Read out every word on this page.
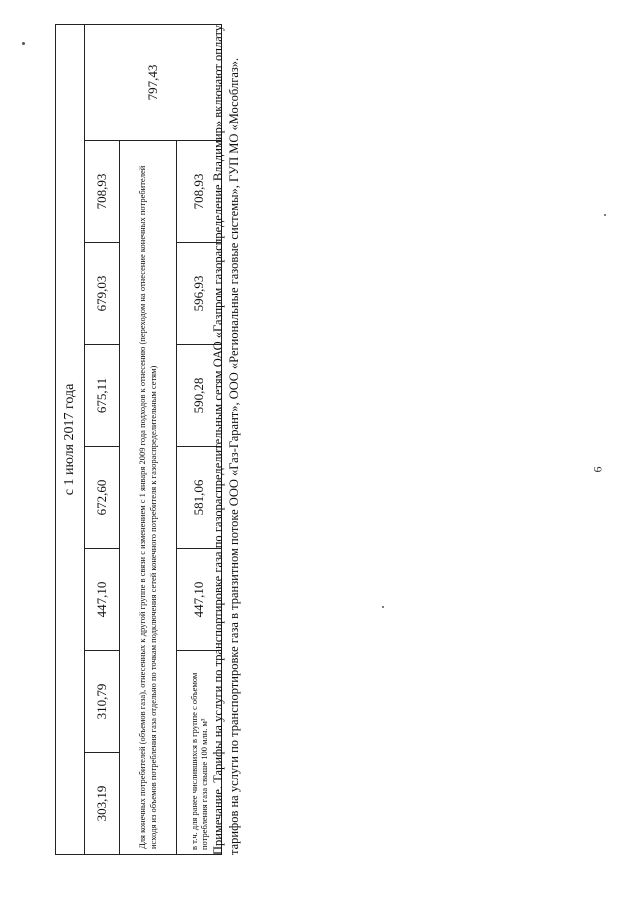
с 1 июля 2017 года							
303,19	310,79	447,10	672,60	675,11	679,03	708,93	797,43
Для конечных потребителей (объемов газа), отнесенных к другой группе в связи с изменением с 1 января 2009 года подходов к отнесению (переходом на отнесение конечных потребителей исходя из объемов потребления газа отдельно по точкам подключения сетей конечного потребителя к газораспределительным сетям)							
в т.ч. для ранее числившихся в группе с объемом потребления газа свыше 100 млн. м³		447,10	581,06	590,28	596,93	708,93	Примечание. Тарифы на услуги по транспортировке газа по газораспределительным сетям ОАО «Газпром газораспределение Владимир» включают оплату тарифов на услуги по транспортировке газа в транзитном потоке ООО «Газ-Гарант», ООО «Региональные газовые системы», ГУП МО «Мособлгаз».	6
